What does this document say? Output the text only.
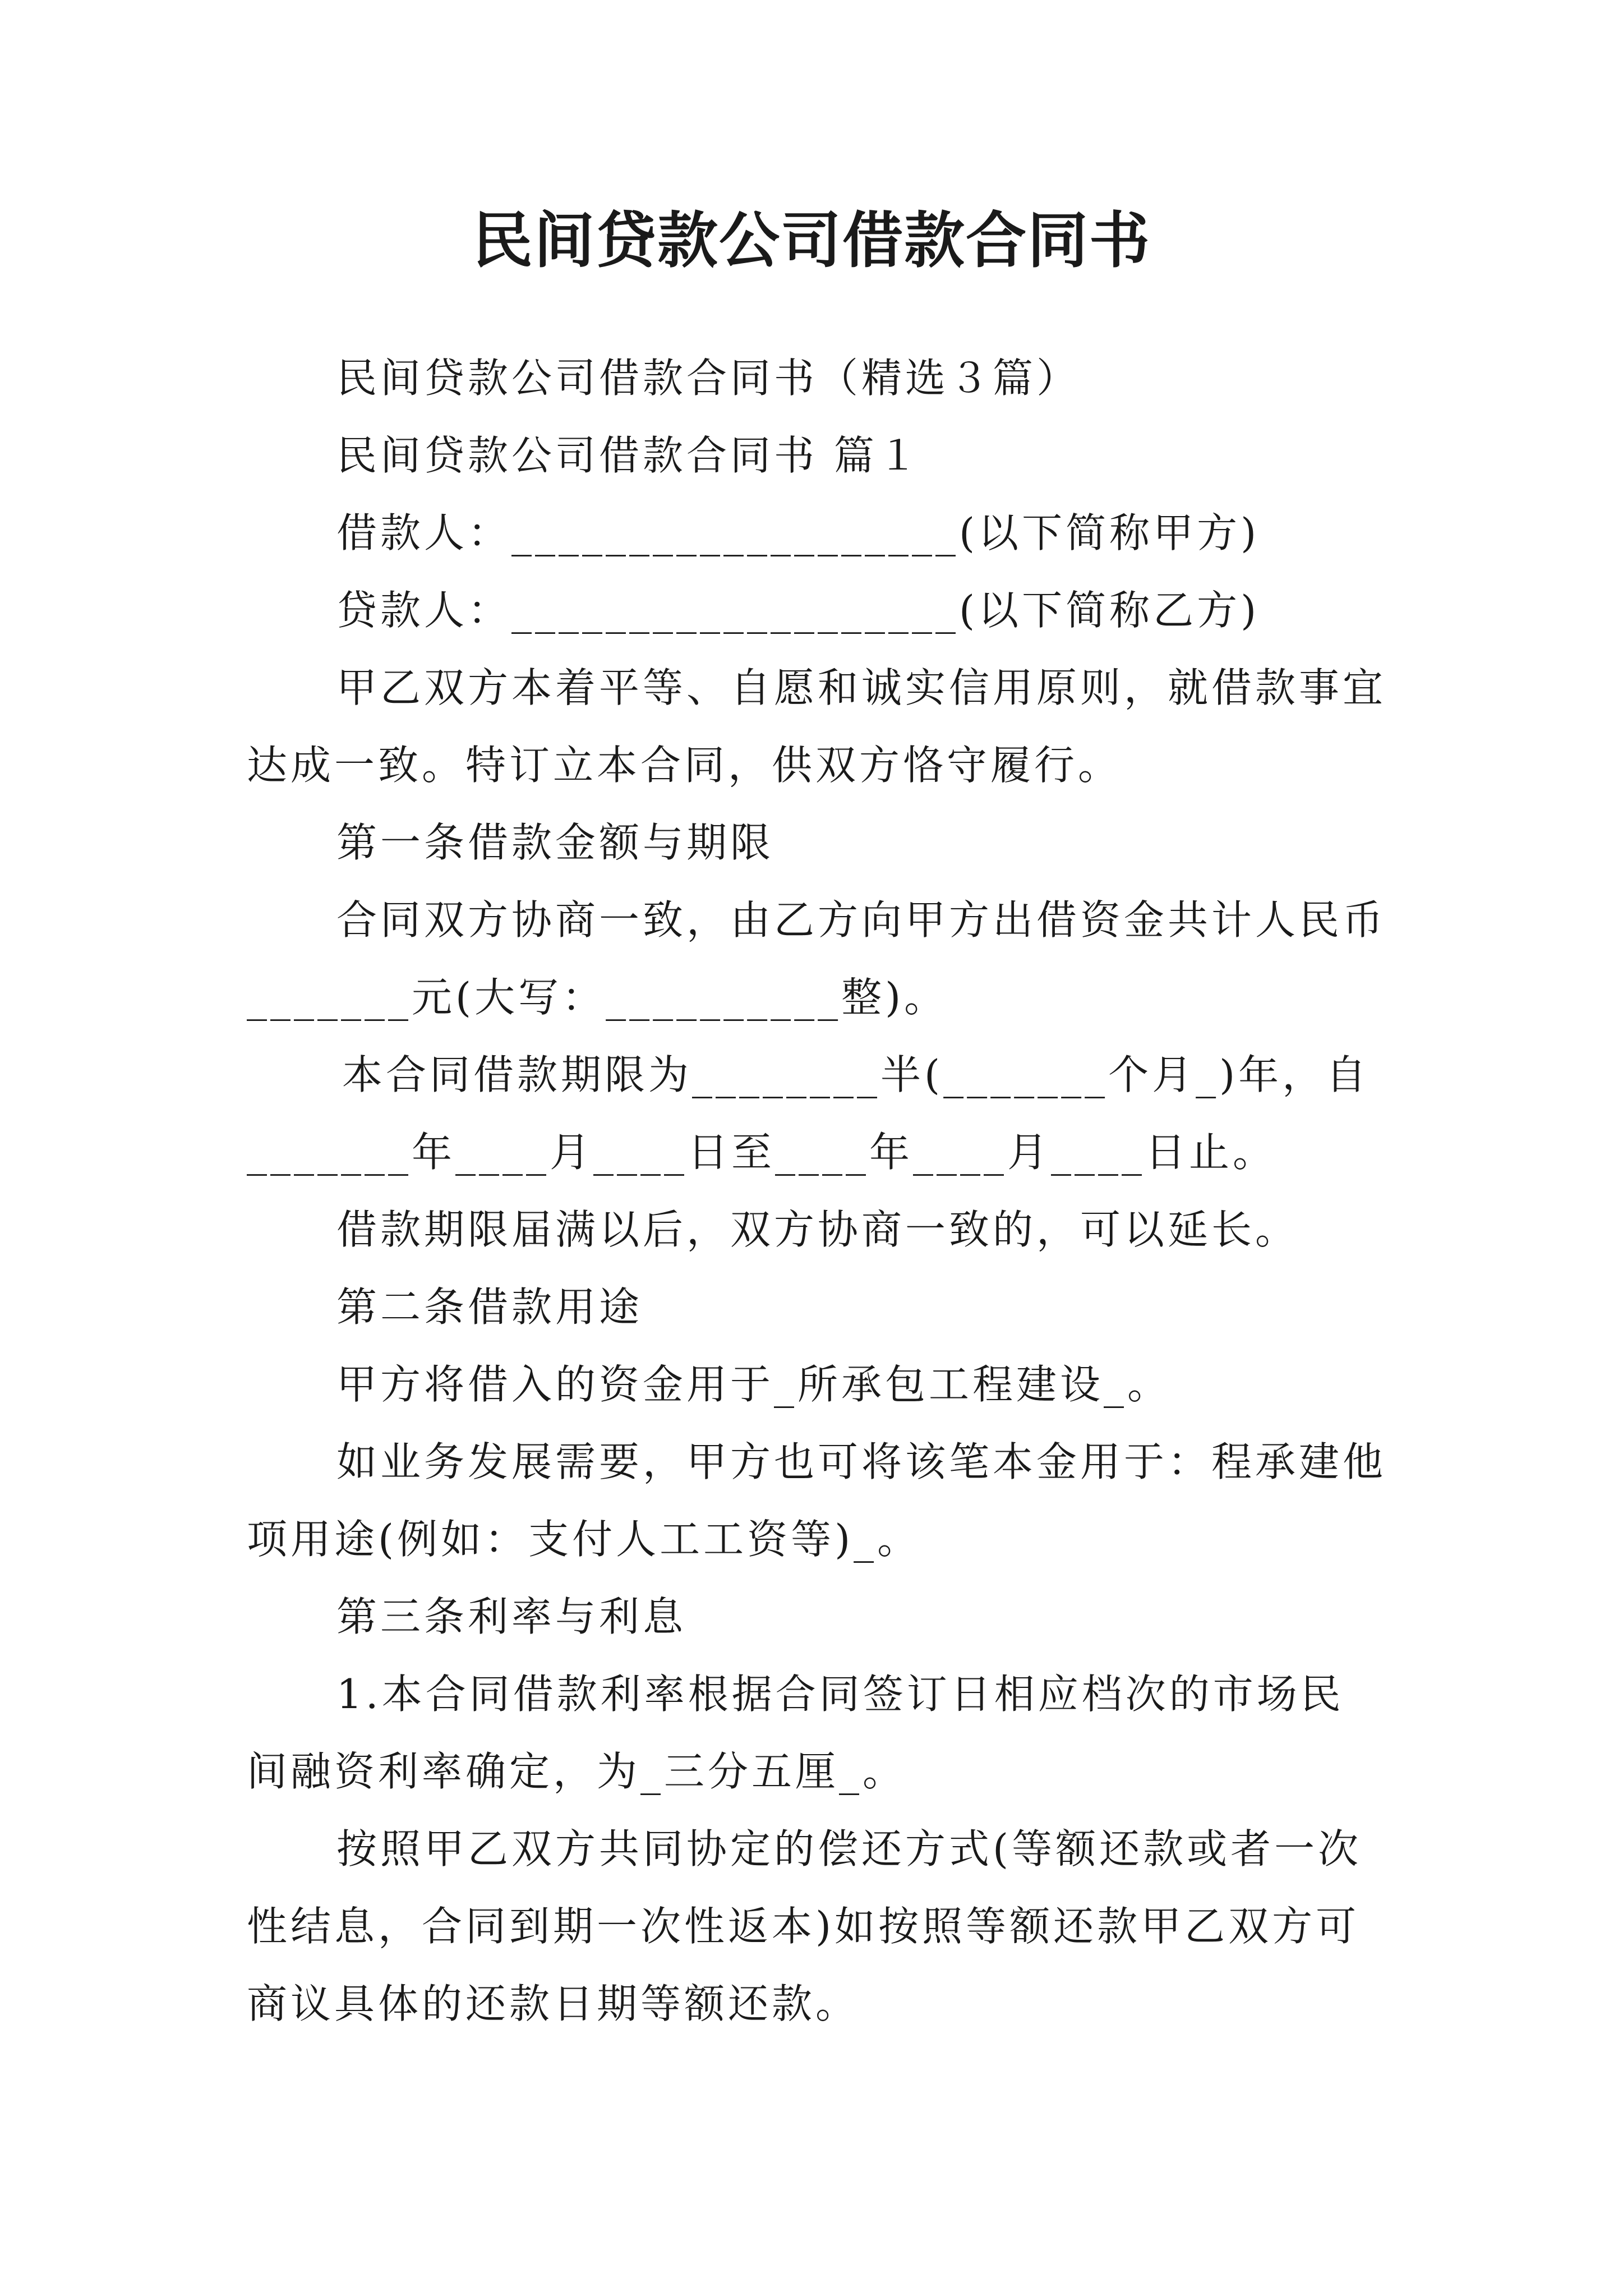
民间贷款公司借款合同书
民间贷款公司借款合同书（精选３篇）
民间贷款公司借款合同书 篇１
借款人：___________________(以下简称甲方)
贷款人：___________________(以下简称乙方)
甲乙双方本着平等、自愿和诚实信用原则，就借款事宜
达成一致。特订立本合同，供双方恪守履行。
第一条借款金额与期限
合同双方协商一致，由乙方向甲方出借资金共计人民币
_______元(大写：__________整)。
本合同借款期限为________半(_______个月_)年，自
_______年____月____日至____年____月____日止。
借款期限届满以后，双方协商一致的，可以延长。
第二条借款用途
甲方将借入的资金用于_所承包工程建设_。
如业务发展需要，甲方也可将该笔本金用于：程承建他
项用途(例如：支付人工工资等)_。
第三条利率与利息
1.本合同借款利率根据合同签订日相应档次的市场民
间融资利率确定，为_三分五厘_。
按照甲乙双方共同协定的偿还方式(等额还款或者一次
性结息，合同到期一次性返本)如按照等额还款甲乙双方可
商议具体的还款日期等额还款。
